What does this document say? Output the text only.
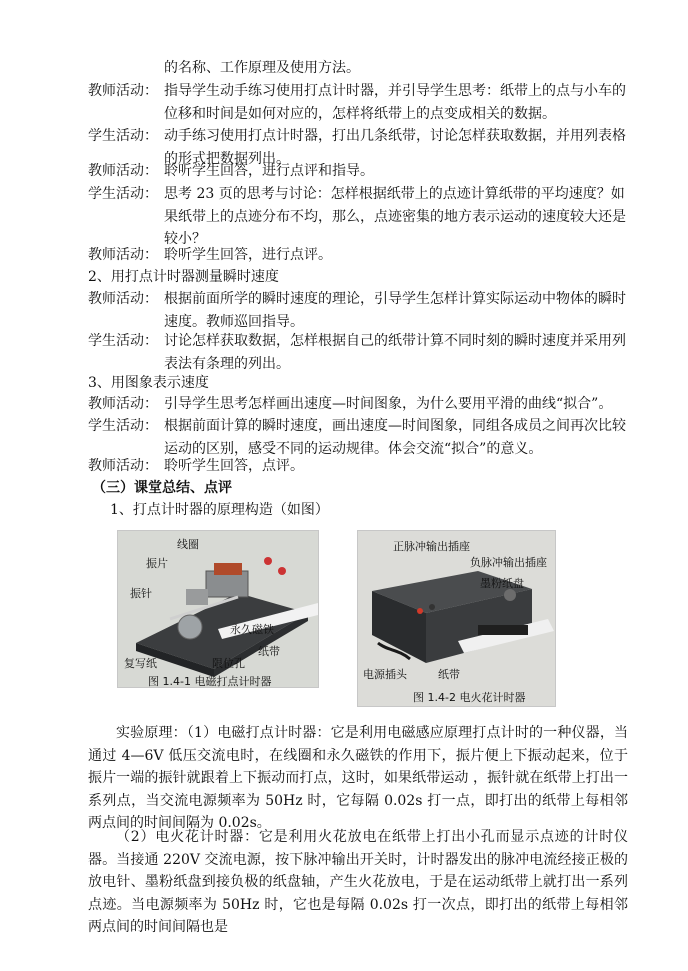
的名称、工作原理及使用方法。
教师活动： 指导学生动手练习使用打点计时器，并引导学生思考：纸带上的点与小车的位移和时间是如何对应的，怎样将纸带上的点变成相关的数据。
学生活动： 动手练习使用打点计时器，打出几条纸带，讨论怎样获取数据，并用列表格的形式把数据列出。
教师活动： 聆听学生回答，进行点评和指导。
学生活动： 思考 23 页的思考与讨论：怎样根据纸带上的点迹计算纸带的平均速度？如果纸带上的点迹分布不均，那么，点迹密集的地方表示运动的速度较大还是较小？
教师活动： 聆听学生回答，进行点评。
2、用打点计时器测量瞬时速度
教师活动： 根据前面所学的瞬时速度的理论，引导学生怎样计算实际运动中物体的瞬时速度。教师巡回指导。
学生活动： 讨论怎样获取数据，怎样根据自己的纸带计算不同时刻的瞬时速度并采用列表法有条理的列出。
3、用图象表示速度
教师活动： 引导学生思考怎样画出速度—时间图象，为什么要用平滑的曲线“拟合”。
学生活动： 根据前面计算的瞬时速度，画出速度—时间图象，同组各成员之间再次比较运动的区别，感受不同的运动规律。体会交流“拟合”的意义。
教师活动： 聆听学生回答，点评。
（三）课堂总结、点评
1、打点计时器的原理构造（如图）
线圈
振片
振针
永久磁铁
纸带
复写纸	限位孔
图 1.4-1 电磁打点计时器
正脉冲输出插座
负脉冲输出插座
墨粉纸盘
电源插头	纸带
图 1.4-2 电火花计时器
实验原理：（1）电磁打点计时器：它是利用电磁感应原理打点计时的一种仪器，当通过 4—6V 低压交流电时，在线圈和永久磁铁的作用下，振片便上下振动起来，位于振片一端的振针就跟着上下振动而打点，这时，如果纸带运动 ，振针就在纸带上打出一系列点，当交流电源频率为 50Hz 时，它每隔 0.02s 打一点，即打出的纸带上每相邻两点间的时间间隔为 0.02s。
（2）电火花计时器：它是利用火花放电在纸带上打出小孔而显示点迹的计时仪器。当接通 220V 交流电源，按下脉冲输出开关时，计时器发出的脉冲电流经接正极的放电针、墨粉纸盘到接负极的纸盘轴，产生火花放电，于是在运动纸带上就打出一系列点迹。当电源频率为 50Hz 时，它也是每隔 0.02s 打一次点，即打出的纸带上每相邻两点间的时间间隔也是
